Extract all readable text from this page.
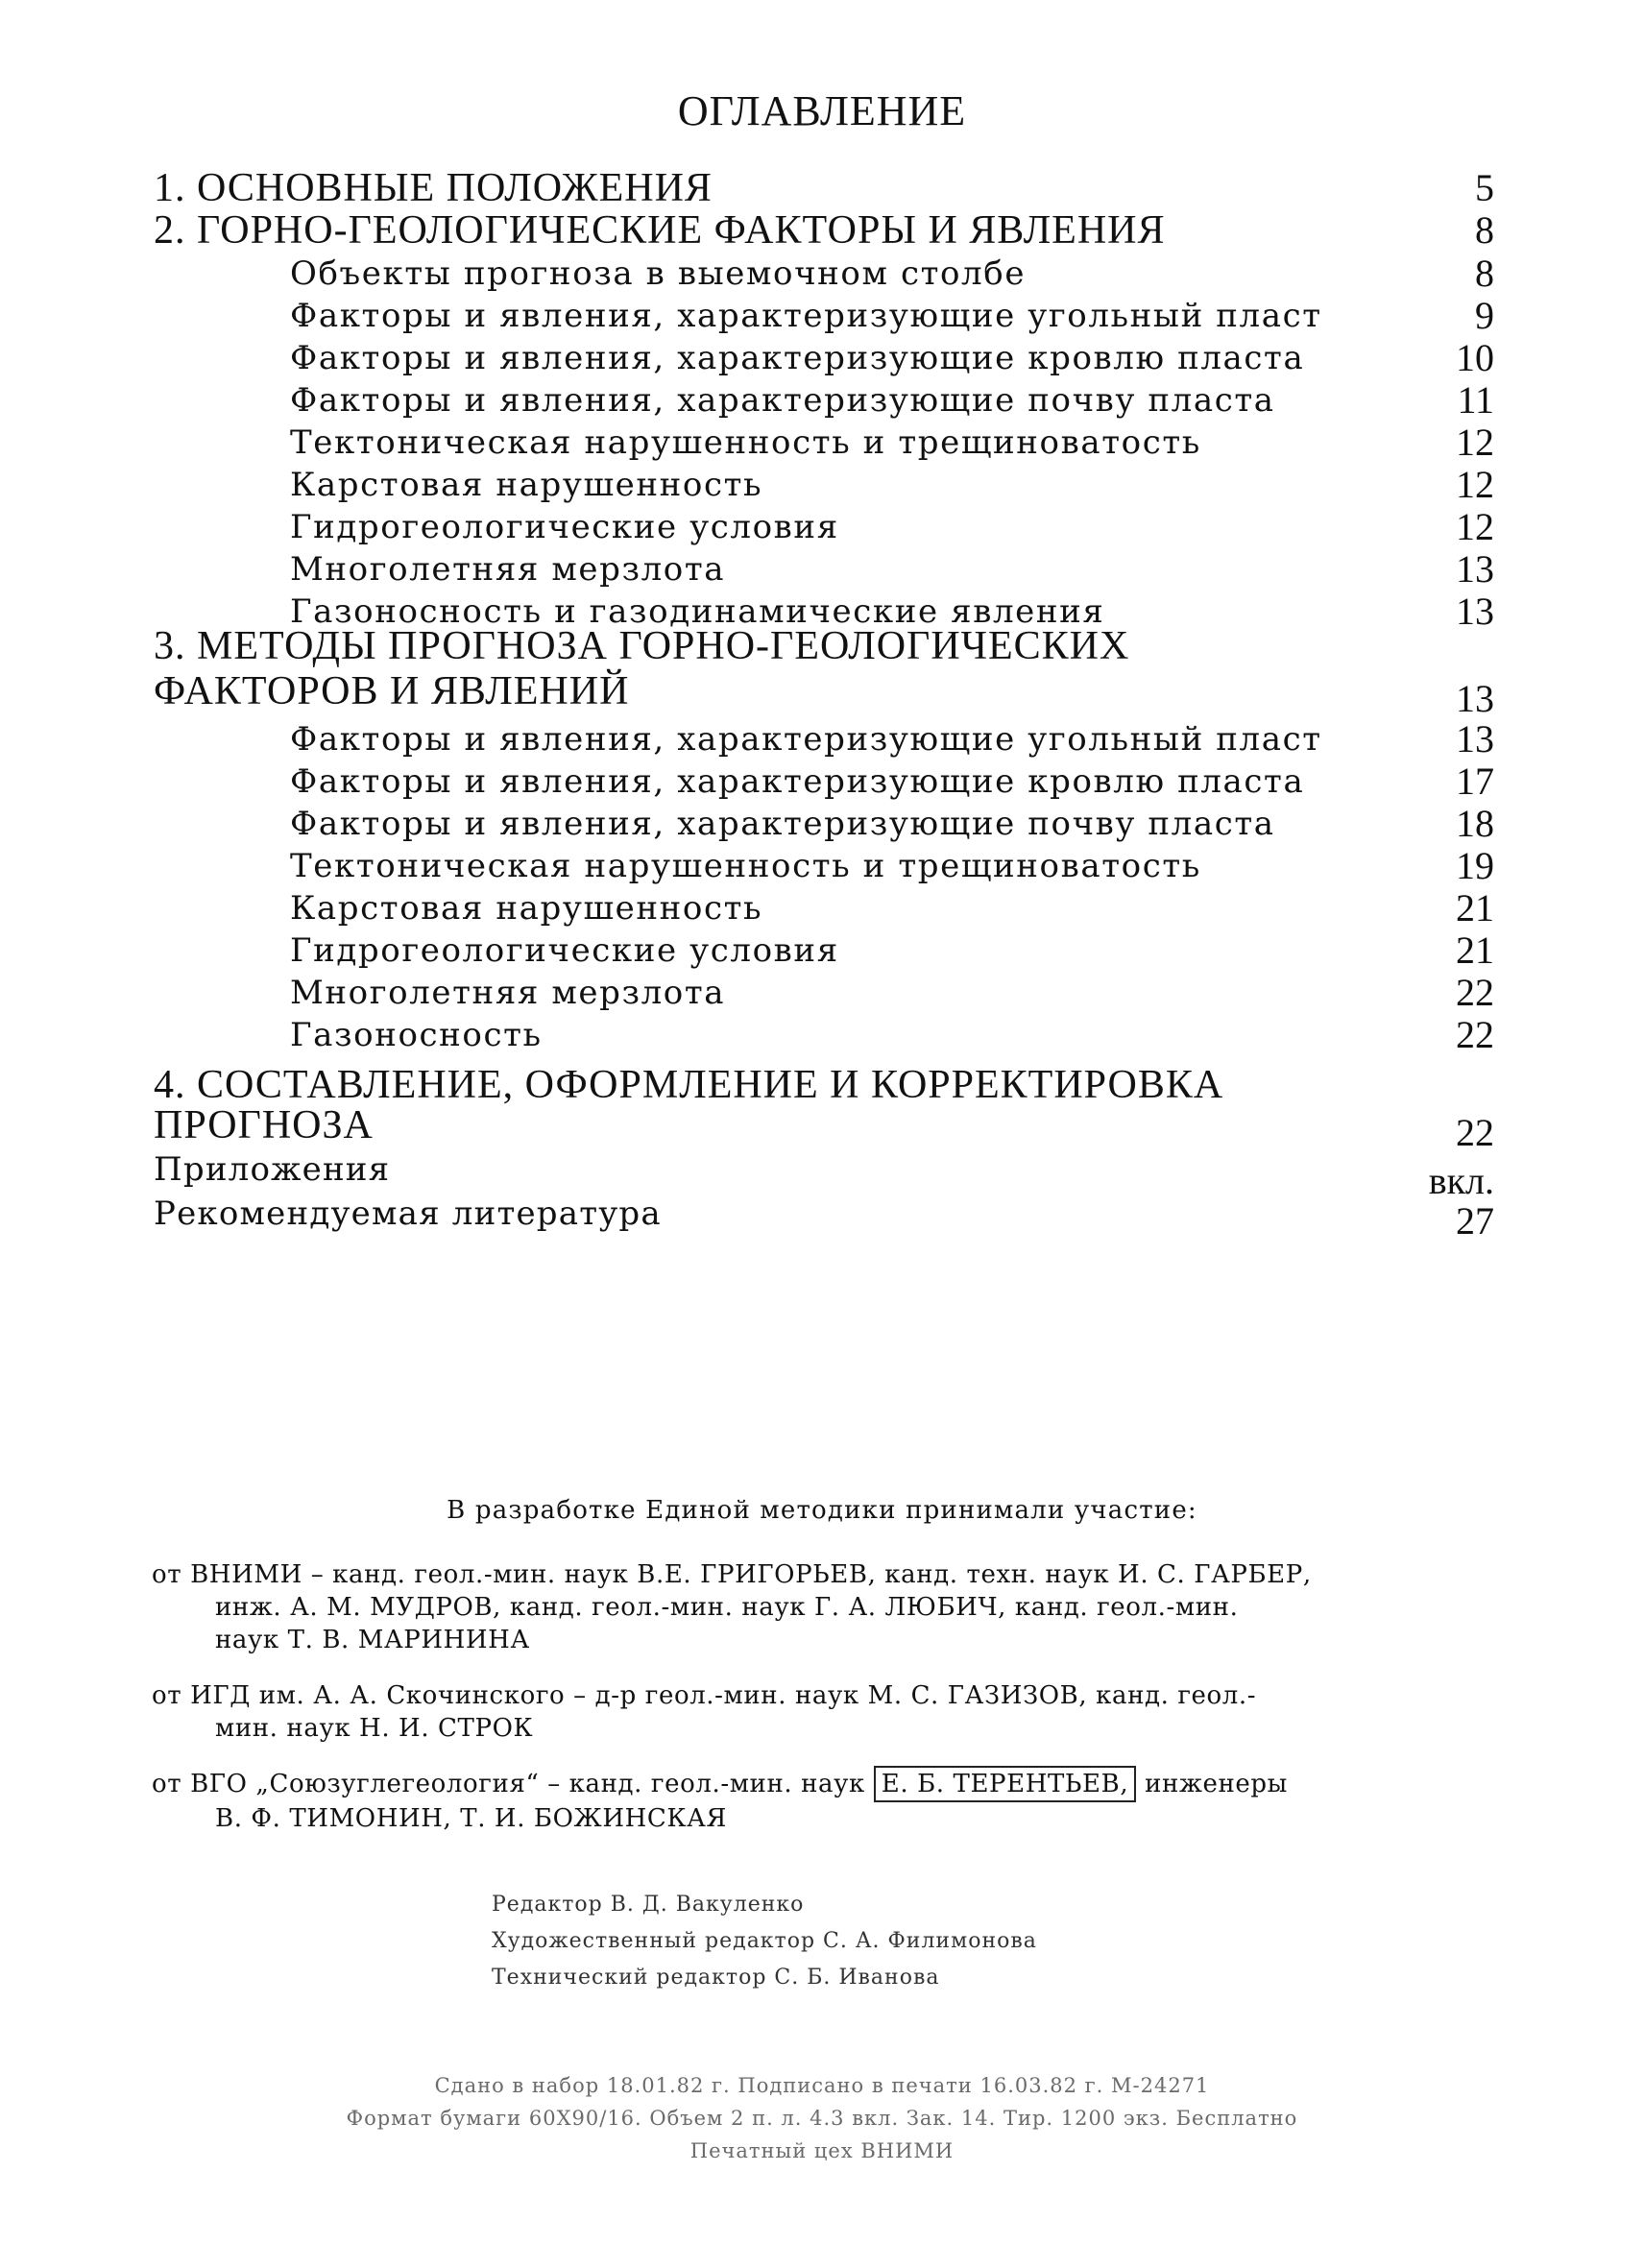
ОГЛАВЛЕНИЕ
1. ОСНОВНЫЕ ПОЛОЖЕНИЯ	5
2. ГОРНО-ГЕОЛОГИЧЕСКИЕ ФАКТОРЫ И ЯВЛЕНИЯ	8
Объекты прогноза в выемочном столбе	8
Факторы и явления, характеризующие угольный пласт	9
Факторы и явления, характеризующие кровлю пласта	10
Факторы и явления, характеризующие почву пласта	11
Тектоническая нарушенность и трещиноватость	12
Карстовая нарушенность	12
Гидрогеологические условия	12
Многолетняя мерзлота	13
Газоносность и газодинамические явления	13
3. МЕТОДЫ ПРОГНОЗА ГОРНО-ГЕОЛОГИЧЕСКИХ
ФАКТОРОВ И ЯВЛЕНИЙ	13
Факторы и явления, характеризующие угольный пласт	13
Факторы и явления, характеризующие кровлю пласта	17
Факторы и явления, характеризующие почву пласта	18
Тектоническая нарушенность и трещиноватость	19
Карстовая нарушенность	21
Гидрогеологические условия	21
Многолетняя мерзлота	22
Газоносность	22
4. СОСТАВЛЕНИЕ, ОФОРМЛЕНИЕ И КОРРЕКТИРОВКА
ПРОГНОЗА	22
Приложения	вкл.
Рекомендуемая литература	27
В разработке Единой методики принимали участие:
от ВНИМИ – канд. геол.-мин. наук В.Е. ГРИГОРЬЕВ, канд. техн. наук И. С. ГАРБЕР,
инж. А. М. МУДРОВ, канд. геол.-мин. наук Г. А. ЛЮБИЧ, канд. геол.-мин.
наук Т. В. МАРИНИНА
от ИГД им. А. А. Скочинского – д-р геол.-мин. наук М. С. ГАЗИЗОВ, канд. геол.-
мин. наук Н. И. СТРОК
от ВГО „Союзуглегеология“ – канд. геол.-мин. наук Е. Б. ТЕРЕНТЬЕВ, инженеры
В. Ф. ТИМОНИН, Т. И. БОЖИНСКАЯ
Редактор В. Д. Вакуленко
Художественный редактор С. А. Филимонова
Технический редактор С. Б. Иванова
Сдано в набор 18.01.82 г. Подписано в печати 16.03.82 г. М-24271
Формат бумаги 60Х90/16. Объем 2 п. л. 4.3 вкл. Зак. 14. Тир. 1200 экз. Бесплатно
Печатный цех ВНИМИ
